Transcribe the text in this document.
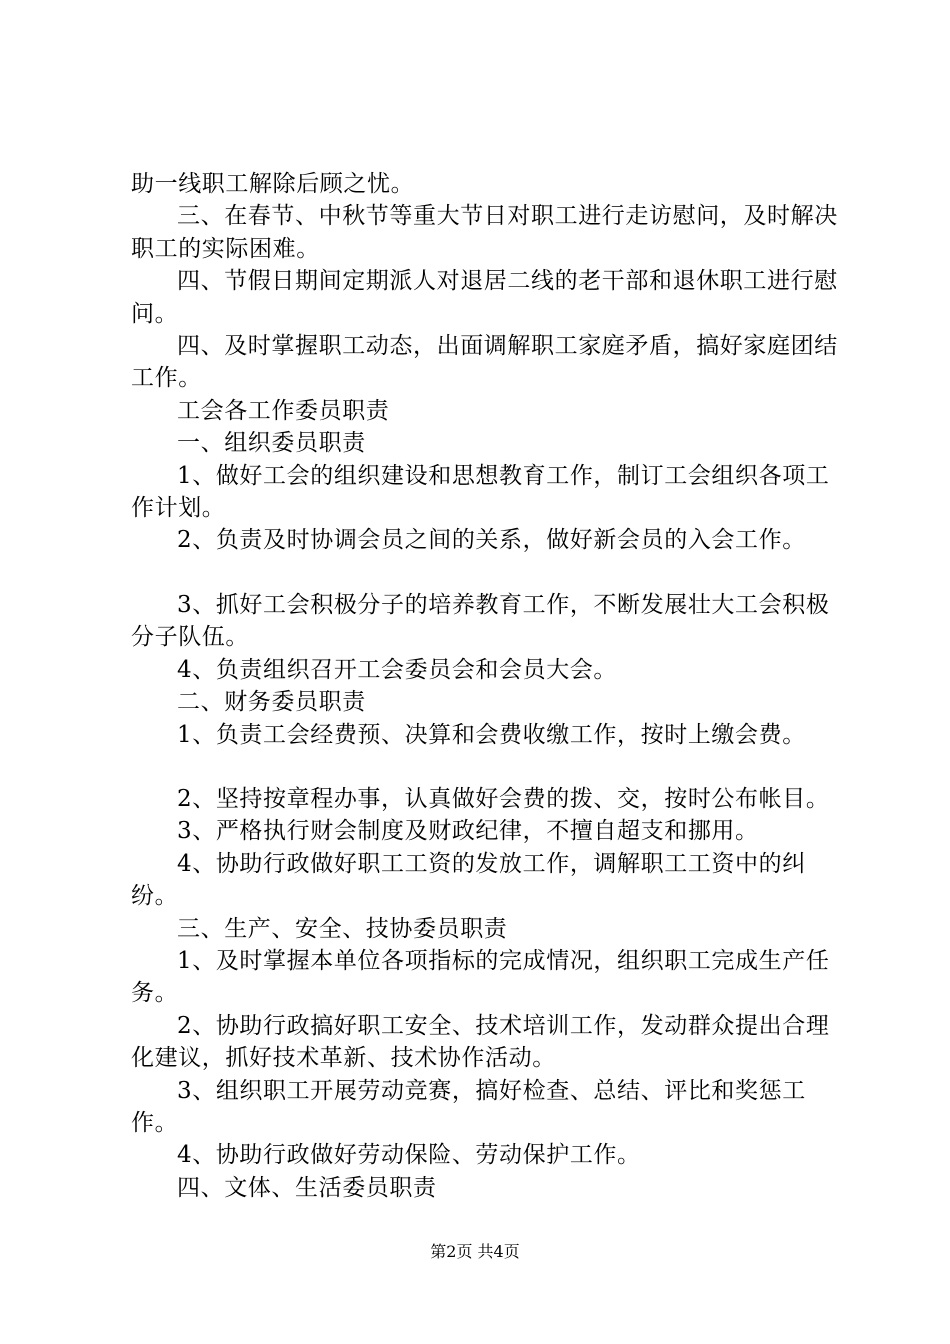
助一线职工解除后顾之忧。

三、在春节、中秋节等重大节日对职工进行走访慰问，及时解决职工的实际困难。

四、节假日期间定期派人对退居二线的老干部和退休职工进行慰问。

四、及时掌握职工动态，出面调解职工家庭矛盾，搞好家庭团结工作。

工会各工作委员职责

一、组织委员职责

1、做好工会的组织建设和思想教育工作，制订工会组织各项工作计划。

2、负责及时协调会员之间的关系，做好新会员的入会工作。

3、抓好工会积极分子的培养教育工作，不断发展壮大工会积极分子队伍。

4、负责组织召开工会委员会和会员大会。

二、财务委员职责

1、负责工会经费预、决算和会费收缴工作，按时上缴会费。

2、坚持按章程办事，认真做好会费的拨、交，按时公布帐目。

3、严格执行财会制度及财政纪律，不擅自超支和挪用。

4、协助行政做好职工工资的发放工作，调解职工工资中的纠纷。

三、生产、安全、技协委员职责

1、及时掌握本单位各项指标的完成情况，组织职工完成生产任务。

2、协助行政搞好职工安全、技术培训工作，发动群众提出合理化建议，抓好技术革新、技术协作活动。

3、组织职工开展劳动竞赛，搞好检查、总结、评比和奖惩工作。

4、协助行政做好劳动保险、劳动保护工作。

四、文体、生活委员职责

第2页 共4页
